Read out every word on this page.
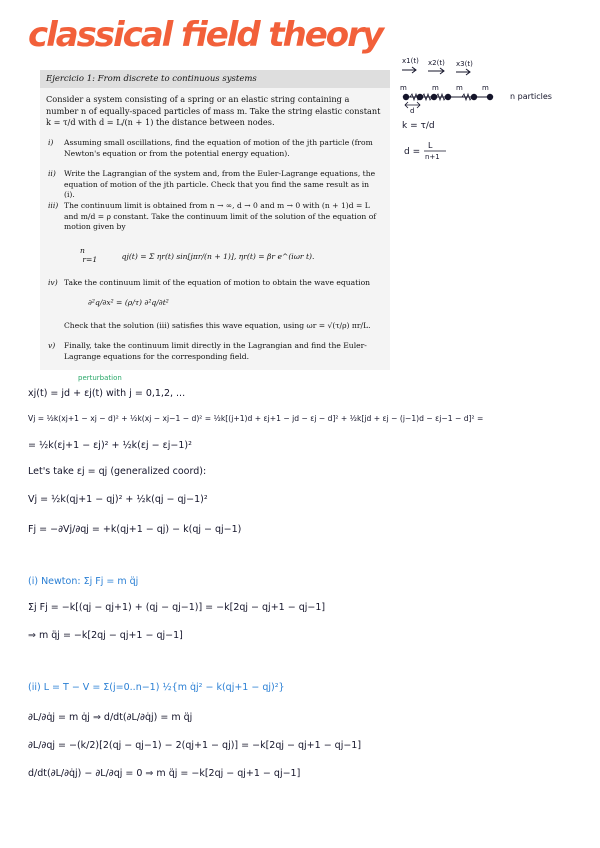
classical field theory
Ejercicio 1: From discrete to continuous systems
Consider a system consisting of a spring or an elastic string containing a number n of equally-spaced particles of mass m. Take the string elastic constant k = τ/d with d = L/(n + 1) the distance between nodes.
i) Assuming small oscillations, find the equation of motion of the jth particle (from Newton's equation or from the potential energy equation).
ii) Write the Lagrangian of the system and, from the Euler-Lagrange equations, the equation of motion of the jth particle. Check that you find the same result as in (i).
iii) The continuum limit is obtained from n → ∞, d → 0 and m → 0 with (n + 1)d = L and m/d = ρ constant. Take the continuum limit of the solution of the equation of motion given by
n
r=1	qj(t) = Σ ηr(t) sin[jπr/(n + 1)], ηr(t) = βr e^(iωr t).
iv) Take the continuum limit of the equation of motion to obtain the wave equation
∂²q/∂x² = (ρ/τ) ∂²q/∂t²
Check that the solution (iii) satisfies this wave equation, using ωr = √(τ/ρ) πr/L.
v) Finally, take the continuum limit directly in the Lagrangian and find the Euler-Lagrange equations for the corresponding field.
x1(t) x2(t) x3(t)
m	m m	m
n particles
d
k = τ/d
d =
L
n+1
perturbation
xj(t) = jd + εj(t) with j = 0,1,2, ...
Vj = ½k(xj+1 − xj − d)² + ½k(xj − xj−1 − d)² = ½k[(j+1)d + εj+1 − jd − εj − d]² + ½k[jd + εj − (j−1)d − εj−1 − d]² =
= ½k(εj+1 − εj)² + ½k(εj − εj−1)²
Let's take εj = qj (generalized coord):
Vj = ½k(qj+1 − qj)² + ½k(qj − qj−1)²
Fj = −∂Vj/∂qj = +k(qj+1 − qj) − k(qj − qj−1)
(i) Newton: Σj Fj = m q̈j
Σj Fj = −k[(qj − qj+1) + (qj − qj−1)] = −k[2qj − qj+1 − qj−1]
⇒ m q̈j = −k[2qj − qj+1 − qj−1]
(ii) L = T − V = Σ(j=0..n−1) ½{m q̇j² − k(qj+1 − qj)²}
∂L/∂q̇j = m q̇j ⇒ d/dt(∂L/∂q̇j) = m q̈j
∂L/∂qj = −(k/2)[2(qj − qj−1) − 2(qj+1 − qj)] = −k[2qj − qj+1 − qj−1]
d/dt(∂L/∂q̇j) − ∂L/∂qj = 0 ⇒ m q̈j = −k[2qj − qj+1 − qj−1]
